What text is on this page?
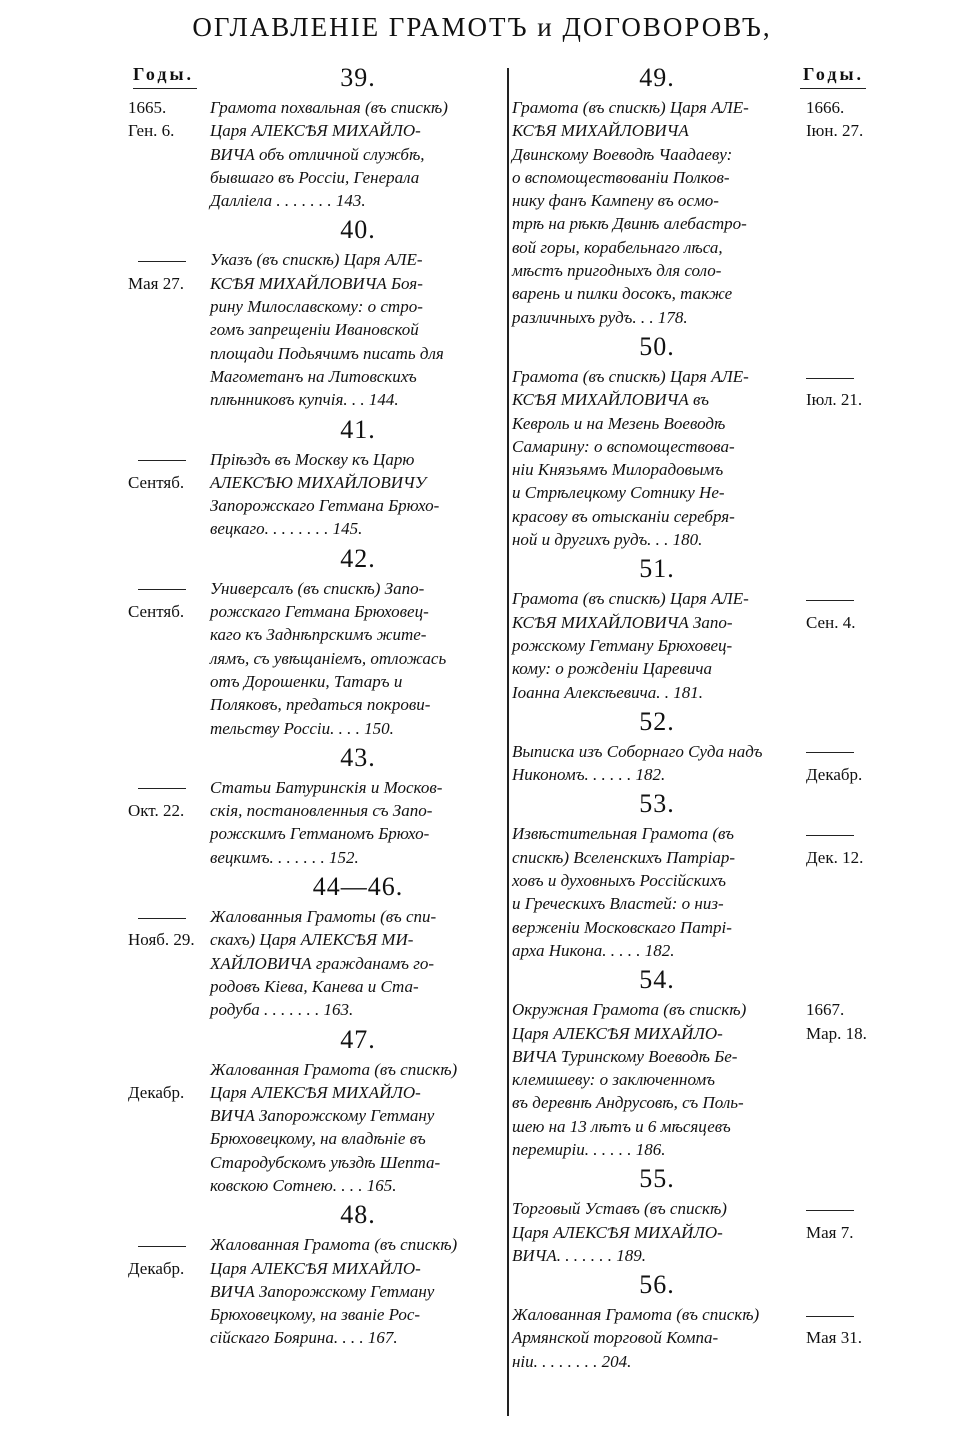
ОГЛАВЛЕНІЕ ГРАМОТЪ и ДОГОВОРОВЪ,
Годы.	Годы.
39.
1665.
Ген. 6.
Грамота похвальная (въ спискѣ)
Царя АЛЕКСѢЯ МИХАЙЛО-
ВИЧА объ отличной службѣ,
бывшаго въ Россіи, Генерала
Далліела . . . . . . . 143.
40.
Мая 27.
Указъ (въ спискѣ) Царя АЛЕ-
КСѢЯ МИХАЙЛОВИЧА Боя-
рину Милославскому: о стро-
гомъ запрещеніи Ивановской
площади Подьячимъ писать для
Магометанъ на Литовскихъ
плѣнниковъ купчія. . . 144.
41.
Сентяб.
Пріѣздъ въ Москву къ Царю
АЛЕКСѢЮ МИХАЙЛОВИЧУ
Запорожскаго Гетмана Брюхо-
вецкаго. . . . . . . . 145.
42.
Сентяб.
Универсалъ (въ спискѣ) Запо-
рожскаго Гетмана Брюховец-
каго къ Заднѣпрскимъ жите-
лямъ, съ увѣщаніемъ, отложась
отъ Дорошенки, Татаръ и
Поляковъ, предаться покрови-
тельству Россіи. . . . 150.
43.
Окт. 22.
Статьи Батуринскія и Москов-
скія, постановленныя съ Запо-
рожскимъ Гетманомъ Брюхо-
вецкимъ. . . . . . . 152.
44—46.
Нояб. 29.
Жалованныя Грамоты (въ спи-
скахъ) Царя АЛЕКСѢЯ МИ-
ХАЙЛОВИЧА гражданамъ го-
родовъ Кіева, Канева и Ста-
родуба . . . . . . . 163.
47.

Декабр.
Жалованная Грамота (въ спискѣ)
Царя АЛЕКСѢЯ МИХАЙЛО-
ВИЧА Запорожскому Гетману
Брюховецкому, на владѣніе въ
Стародубскомъ уѣздѣ Шепта-
ковскою Сотнею. . . . 165.
48.
Декабр.
Жалованная Грамота (въ спискѣ)
Царя АЛЕКСѢЯ МИХАЙЛО-
ВИЧА Запорожскому Гетману
Брюховецкому, на званіе Рос-
сійскаго Боярина. . . . 167.
49.
Грамота (въ спискѣ) Царя АЛЕ-
КСѢЯ МИХАЙЛОВИЧА
Двинскому Воеводѣ Чаадаеву:
о вспомоществованіи Полков-
нику фанъ Кампену въ осмо-
трѣ на рѣкѣ Двинѣ алебастро-
вой горы, корабельнаго лѣса,
мѣстъ пригодныхъ для соло-
варень и пилки досокъ, также
различныхъ рудъ. . . 178.
1666.
Іюн. 27.
50.
Грамота (въ спискѣ) Царя АЛЕ-
КСѢЯ МИХАЙЛОВИЧА въ
Кевроль и на Мезень Воеводѣ
Самарину: о вспомоществова-
ніи Князьямъ Милорадовымъ
и Стрѣлецкому Сотнику Не-
красову въ отысканіи серебря-
ной и другихъ рудъ. . . 180.
Іюл. 21.
51.
Грамота (въ спискѣ) Царя АЛЕ-
КСѢЯ МИХАЙЛОВИЧА Запо-
рожскому Гетману Брюховец-
кому: о рожденіи Царевича
Іоанна Алексѣевича. . 181.
Сен. 4.
52.
Выписка изъ Соборнаго Суда надъ
Никономъ. . . . . . 182.	Декабр.
53.
Извѣстительная Грамота (въ
спискѣ) Вселенскихъ Патріар-
ховъ и духовныхъ Россійскихъ
и Греческихъ Властей: о низ-
верженіи Московскаго Патрі-
арха Никона. . . . . 182.
Дек. 12.
54.
Окружная Грамота (въ спискѣ)
Царя АЛЕКСѢЯ МИХАЙЛО-
ВИЧА Туринскому Воеводѣ Бе-
клемишеву: о заключенномъ
въ деревнѣ Андрусовѣ, съ Поль-
шею на 13 лѣтъ и 6 мѣсяцевъ
перемиріи. . . . . . 186.
1667.
Мар. 18.
55.
Торговый Уставъ (въ спискѣ)
Царя АЛЕКСѢЯ МИХАЙЛО-
ВИЧА. . . . . . . 189.
Мая 7.
56.
Жалованная Грамота (въ спискѣ)
Армянской торговой Компа-
ніи. . . . . . . . 204.
Мая 31.
